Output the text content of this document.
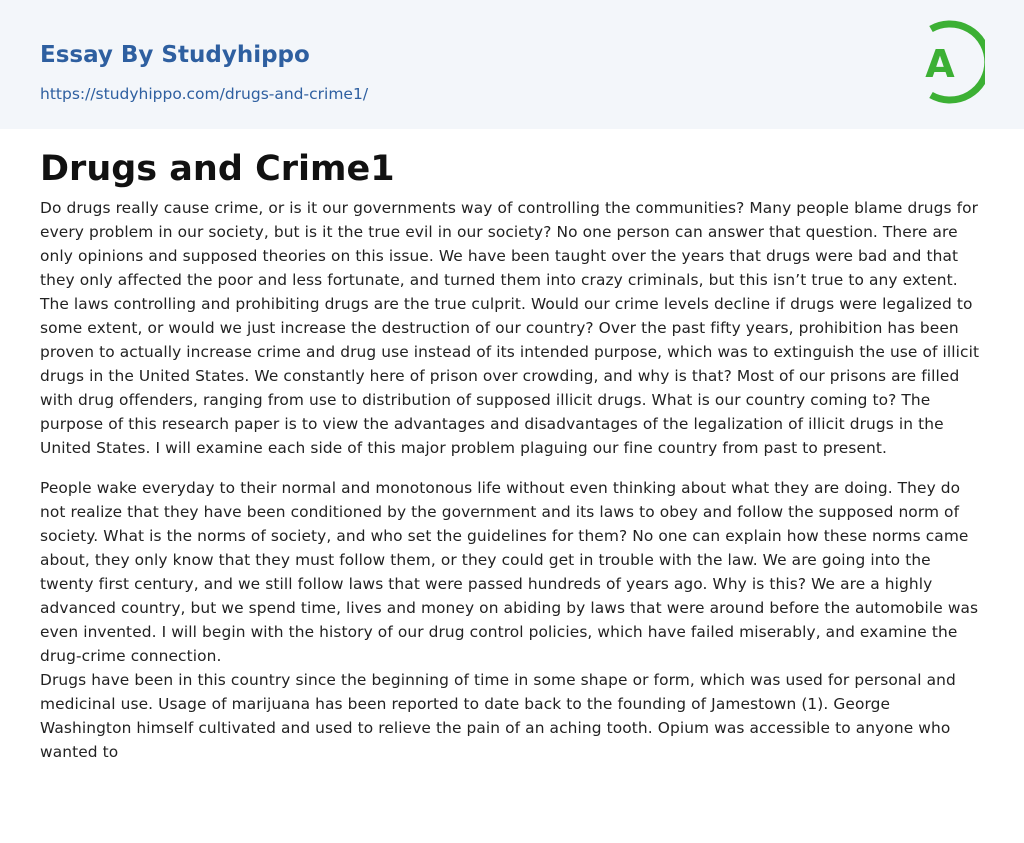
Essay By Studyhippo
https://studyhippo.com/drugs-and-crime1/
A
Drugs and Crime1

Do drugs really cause crime, or is it our governments way of controlling the communities? Many people blame drugs for every problem in our society, but is it the true evil in our society? No one person can answer that question. There are only opinions and supposed theories on this issue. We have been taught over the years that drugs were bad and that they only affected the poor and less fortunate, and turned them into crazy criminals, but this isn’t true to any extent. The laws controlling and prohibiting drugs are the true culprit. Would our crime levels decline if drugs were legalized to some extent, or would we just increase the destruction of our country? Over the past fifty years, prohibition has been proven to actually increase crime and drug use instead of its intended purpose, which was to extinguish the use of illicit drugs in the United States. We constantly here of prison over crowding, and why is that? Most of our prisons are filled with drug offenders, ranging from use to distribution of supposed illicit drugs. What is our country coming to? The purpose of this research paper is to view the advantages and disadvantages of the legalization of illicit drugs in the United States. I will examine each side of this major problem plaguing our fine country from past to present.

People wake everyday to their normal and monotonous life without even thinking about what they are doing. They do not realize that they have been conditioned by the government and its laws to obey and follow the supposed norm of society. What is the norms of society, and who set the guidelines for them? No one can explain how these norms came about, they only know that they must follow them, or they could get in trouble with the law. We are going into the twenty first century, and we still follow laws that were passed hundreds of years ago. Why is this? We are a highly advanced country, but we spend time, lives and money on abiding by laws that were around before the automobile was even invented. I will begin with the history of our drug control policies, which have failed miserably, and examine the drug-crime connection.

Drugs have been in this country since the beginning of time in some shape or form, which was used for personal and medicinal use. Usage of marijuana has been reported to date back to the founding of Jamestown (1). George Washington himself cultivated and used to relieve the pain of an aching tooth. Opium was accessible to anyone who wanted to
